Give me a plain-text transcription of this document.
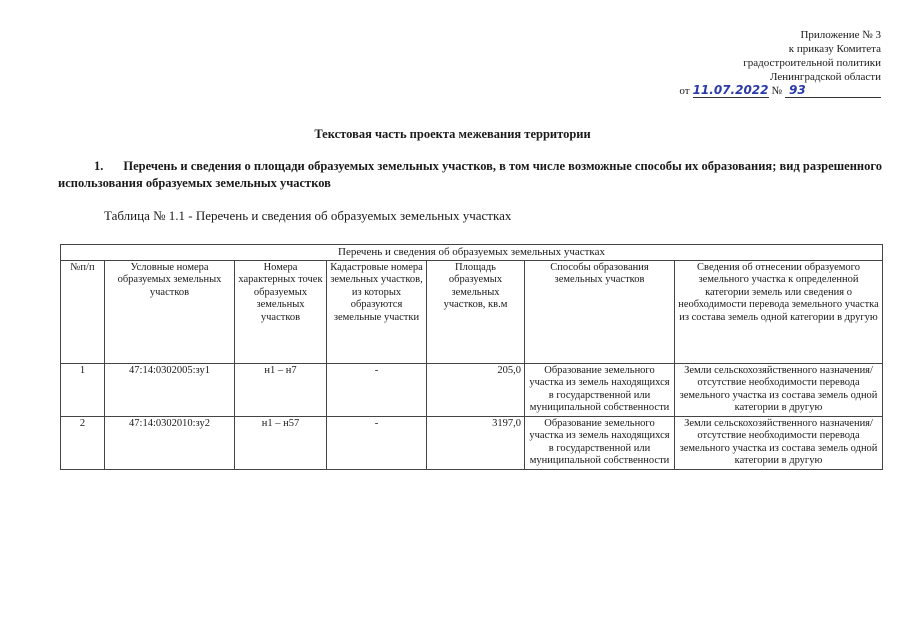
Приложение № 3
к приказу Комитета
градостроительной политики
Ленинградской области
от 11.07.2022 № 93
Текстовая часть проекта межевания территории
1. Перечень и сведения о площади образуемых земельных участков, в том числе возможные способы их образования; вид разрешенного использования образуемых земельных участков
Таблица № 1.1 - Перечень и сведения об образуемых земельных участках
Перечень и сведения об образуемых земельных участках						
№п/п	Условные номера образуемых земельных участков	Номера характерных точек образуемых земельных участков	Кадастровые номера земельных участков, из которых образуются земельные участки	Площадь образуемых земельных участков, кв.м	Способы образования земельных участков	Сведения об отнесении образуемого земельного участка к определенной категории земель или сведения о необходимости перевода земельного участка из состава земель одной категории в другую
1	47:14:0302005:зу1	н1 – н7	-	205,0	Образование земельного участка из земель находящихся в государственной или муниципальной собственности	Земли сельскохозяйственного назначения/ отсутствие необходимости перевода земельного участка из состава земель одной категории в другую
2	47:14:0302010:зу2	н1 – н57	-	3197,0	Образование земельного участка из земель находящихся в государственной или муниципальной собственности	Земли сельскохозяйственного назначения/ отсутствие необходимости перевода земельного участка из состава земель одной категории в другую
